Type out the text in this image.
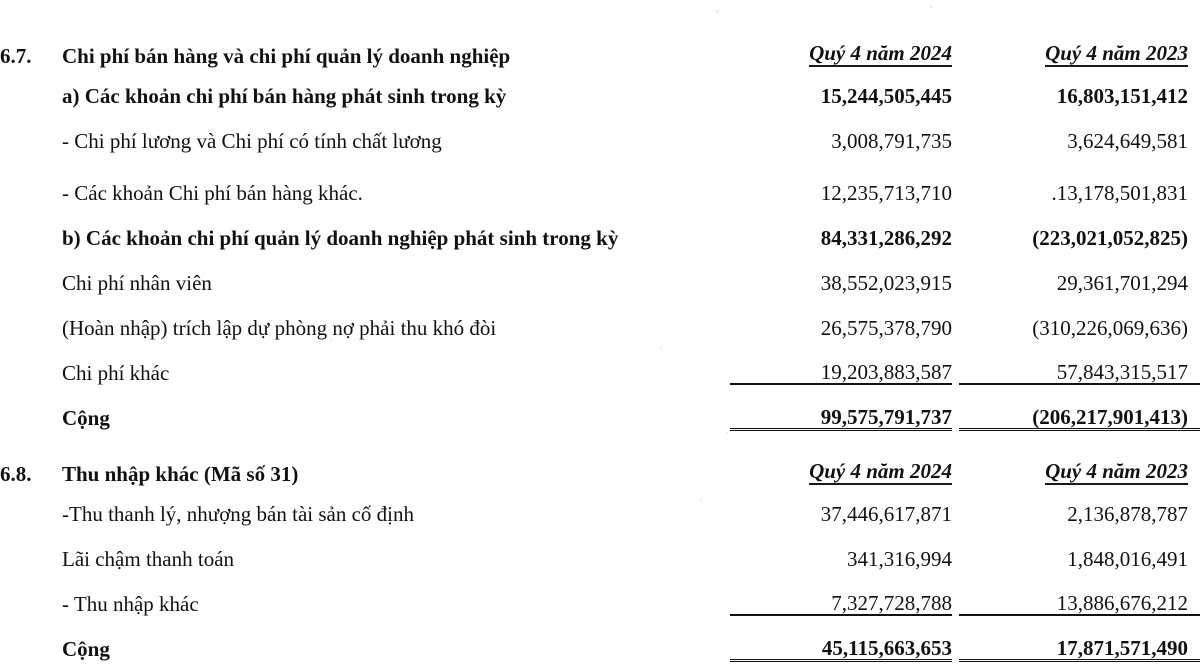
6.7.	Chi phí bán hàng và chi phí quản lý doanh nghiệp	Quý 4 năm 2024		Quý 4 năm 2023
	a) Các khoản chi phí bán hàng phát sinh trong kỳ	15,244,505,445		16,803,151,412
	- Chi phí lương và Chi phí có tính chất lương	3,008,791,735		3,624,649,581
	- Các khoản Chi phí bán hàng khác.	12,235,713,710		.13,178,501,831
	b) Các khoản chi phí quản lý doanh nghiệp phát sinh trong kỳ	84,331,286,292		(223,021,052,825)
	Chi phí nhân viên	38,552,023,915		29,361,701,294
	(Hoàn nhập) trích lập dự phòng nợ phải thu khó đòi	26,575,378,790		(310,226,069,636)
	Chi phí khác	19,203,883,587		57,843,315,517
	Cộng	99,575,791,737		(206,217,901,413)
6.8.	Thu nhập khác (Mã số 31)	Quý 4 năm 2024		Quý 4 năm 2023
	-Thu thanh lý, nhượng bán tài sản cố định	37,446,617,871		2,136,878,787
	Lãi chậm thanh toán	341,316,994		1,848,016,491
	- Thu nhập khác	7,327,728,788		13,886,676,212
	Cộng	45,115,663,653		17,871,571,490
